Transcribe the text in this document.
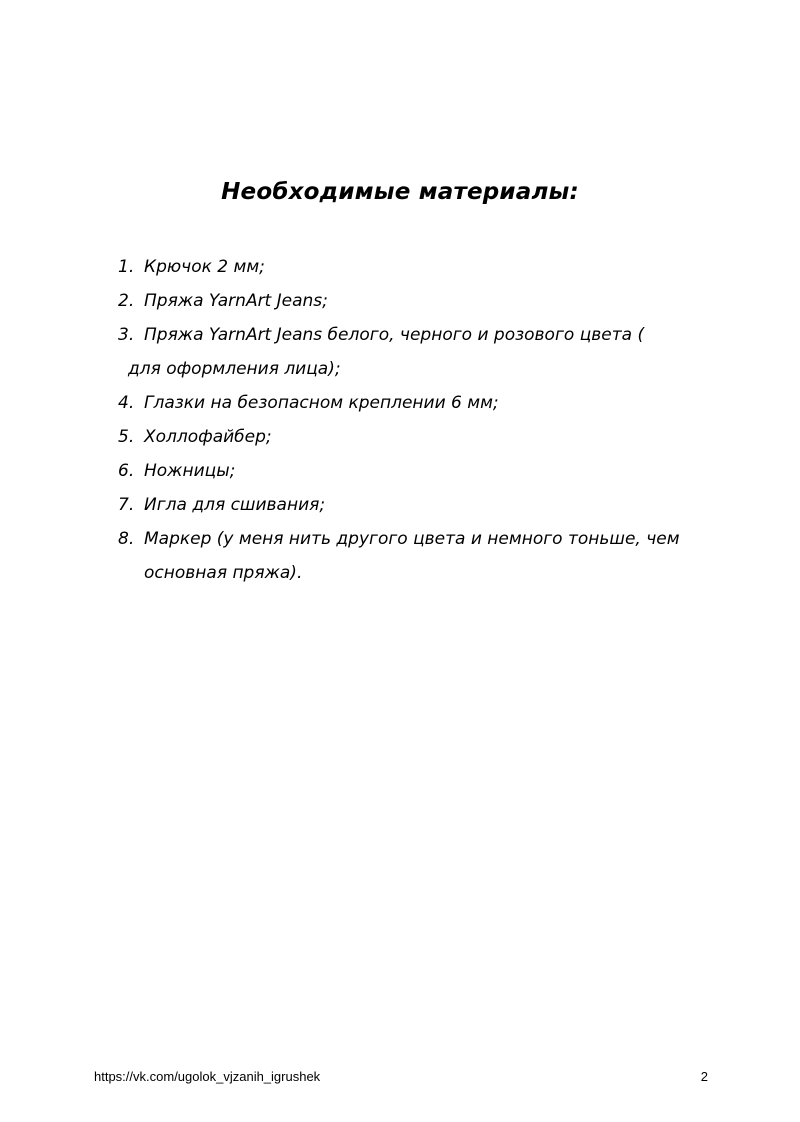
Необходимые материалы:
1. Крючок 2 мм;
2. Пряжа YarnArt Jeans;
3. Пряжа YarnArt Jeans белого, черного и розового цвета (
для оформления лица);
4. Глазки на безопасном креплении 6 мм;
5. Холлофайбер;
6. Ножницы;
7. Игла для сшивания;
8. Маркер (у меня нить другого цвета и немного тоньше, чем основная пряжа).
https://vk.com/ugolok_vjzanih_igrushek	2
